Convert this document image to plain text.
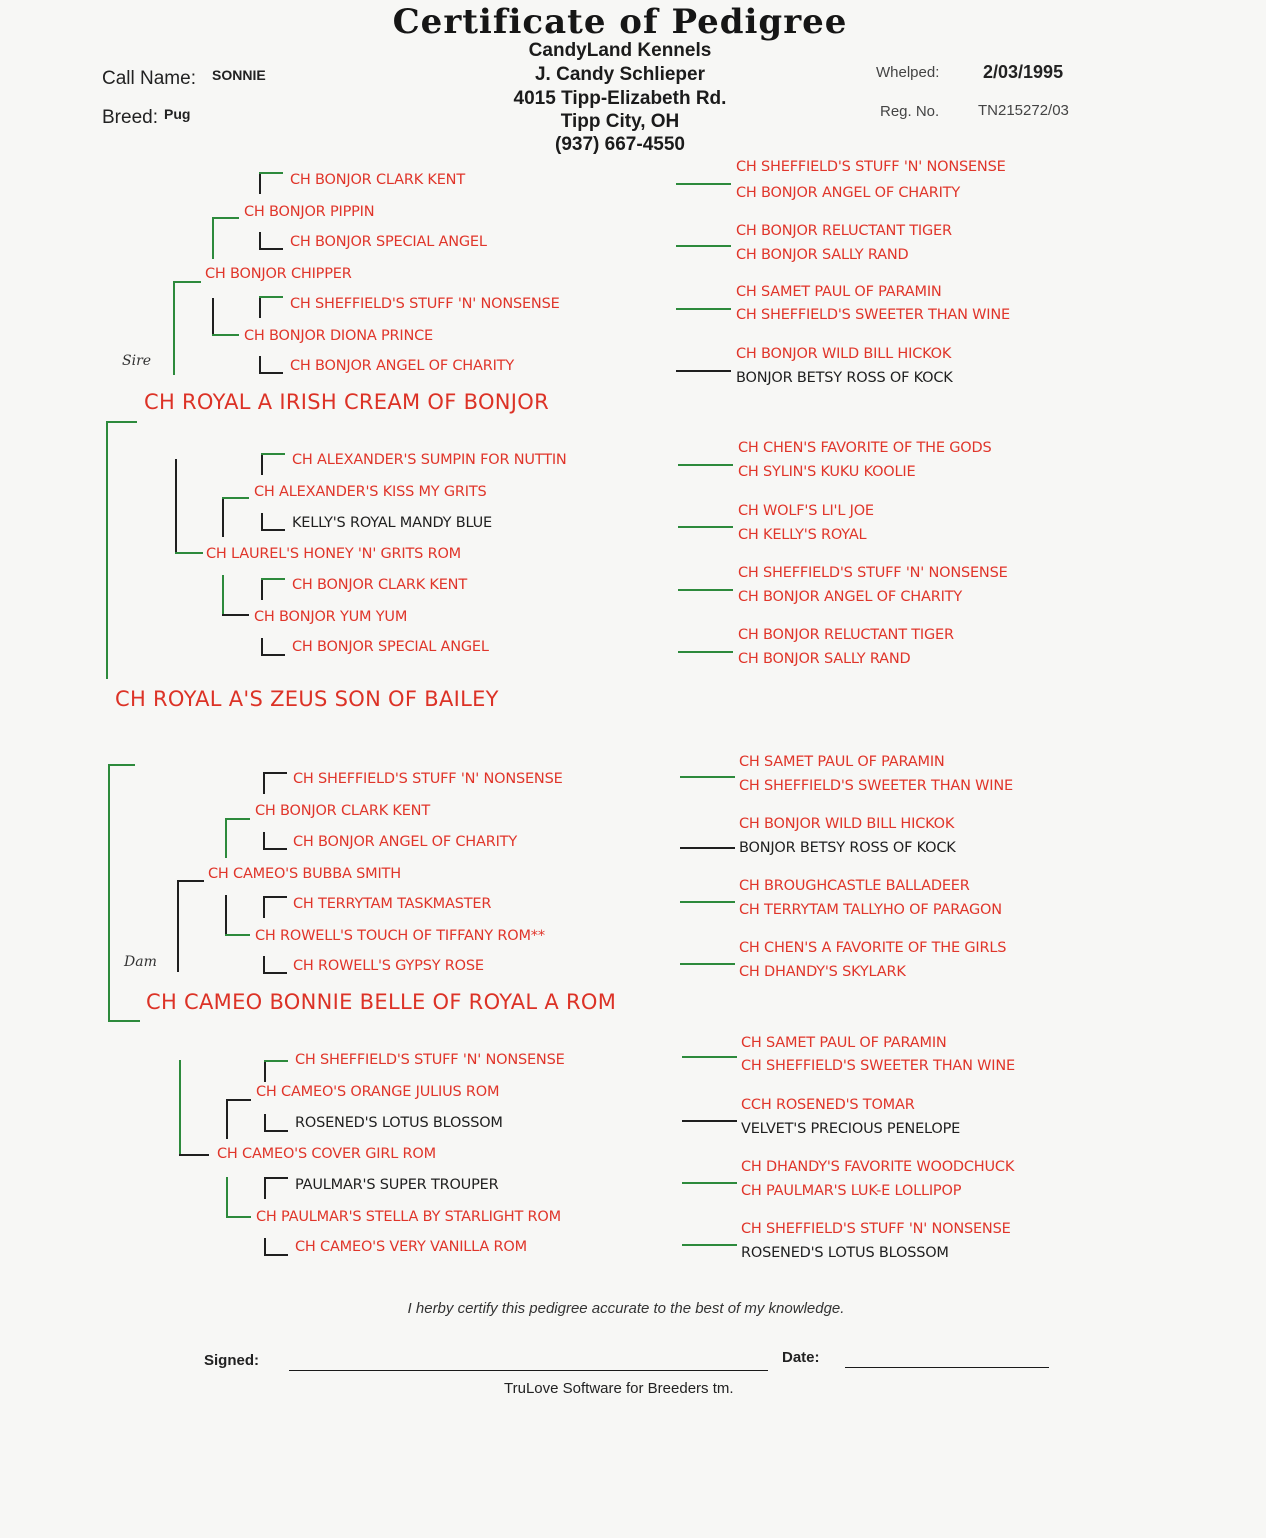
Certificate of Pedigree
CandyLand Kennels
J. Candy Schlieper
4015 Tipp-Elizabeth Rd.
Tipp City, OH
(937) 667-4550
Call Name: SONNIE
Breed: Pug
Whelped: 2/03/1995
Reg. No.	TN215272/03
Sire
CH BONJOR CLARK KENT
CH BONJOR PIPPIN
CH BONJOR SPECIAL ANGEL
CH BONJOR CHIPPER
CH SHEFFIELD'S STUFF 'N' NONSENSE
CH BONJOR DIONA PRINCE
CH BONJOR ANGEL OF CHARITY
CH ROYAL A IRISH CREAM OF BONJOR
CH ALEXANDER'S SUMPIN FOR NUTTIN
CH ALEXANDER'S KISS MY GRITS
KELLY'S ROYAL MANDY BLUE
CH LAUREL'S HONEY 'N' GRITS ROM
CH BONJOR CLARK KENT
CH BONJOR YUM YUM
CH BONJOR SPECIAL ANGEL
CH ROYAL A'S ZEUS SON OF BAILEY
CH SHEFFIELD'S STUFF 'N' NONSENSE
CH BONJOR CLARK KENT
CH BONJOR ANGEL OF CHARITY
CH CAMEO'S BUBBA SMITH
CH TERRYTAM TASKMASTER
CH ROWELL'S TOUCH OF TIFFANY ROM**
CH ROWELL'S GYPSY ROSE
Dam
CH CAMEO BONNIE BELLE OF ROYAL A ROM
CH SHEFFIELD'S STUFF 'N' NONSENSE
CH CAMEO'S ORANGE JULIUS ROM
ROSENED'S LOTUS BLOSSOM
CH CAMEO'S COVER GIRL ROM
PAULMAR'S SUPER TROUPER
CH PAULMAR'S STELLA BY STARLIGHT ROM
CH CAMEO'S VERY VANILLA ROM
CH SHEFFIELD'S STUFF 'N' NONSENSE
CH BONJOR ANGEL OF CHARITY
CH BONJOR RELUCTANT TIGER
CH BONJOR SALLY RAND
CH SAMET PAUL OF PARAMIN
CH SHEFFIELD'S SWEETER THAN WINE
CH BONJOR WILD BILL HICKOK
BONJOR BETSY ROSS OF KOCK
CH CHEN'S FAVORITE OF THE GODS
CH SYLIN'S KUKU KOOLIE
CH WOLF'S LI'L JOE
CH KELLY'S ROYAL
CH SHEFFIELD'S STUFF 'N' NONSENSE
CH BONJOR ANGEL OF CHARITY
CH BONJOR RELUCTANT TIGER
CH BONJOR SALLY RAND
CH SAMET PAUL OF PARAMIN
CH SHEFFIELD'S SWEETER THAN WINE
CH BONJOR WILD BILL HICKOK
BONJOR BETSY ROSS OF KOCK
CH BROUGHCASTLE BALLADEER
CH TERRYTAM TALLYHO OF PARAGON
CH CHEN'S A FAVORITE OF THE GIRLS
CH DHANDY'S SKYLARK
CH SAMET PAUL OF PARAMIN
CH SHEFFIELD'S SWEETER THAN WINE
CCH ROSENED'S TOMAR
VELVET'S PRECIOUS PENELOPE
CH DHANDY'S FAVORITE WOODCHUCK
CH PAULMAR'S LUK-E LOLLIPOP
CH SHEFFIELD'S STUFF 'N' NONSENSE
ROSENED'S LOTUS BLOSSOM
I herby certify this pedigree accurate to the best of my knowledge.
Signed:	Date:
TruLove Software for Breeders tm.
